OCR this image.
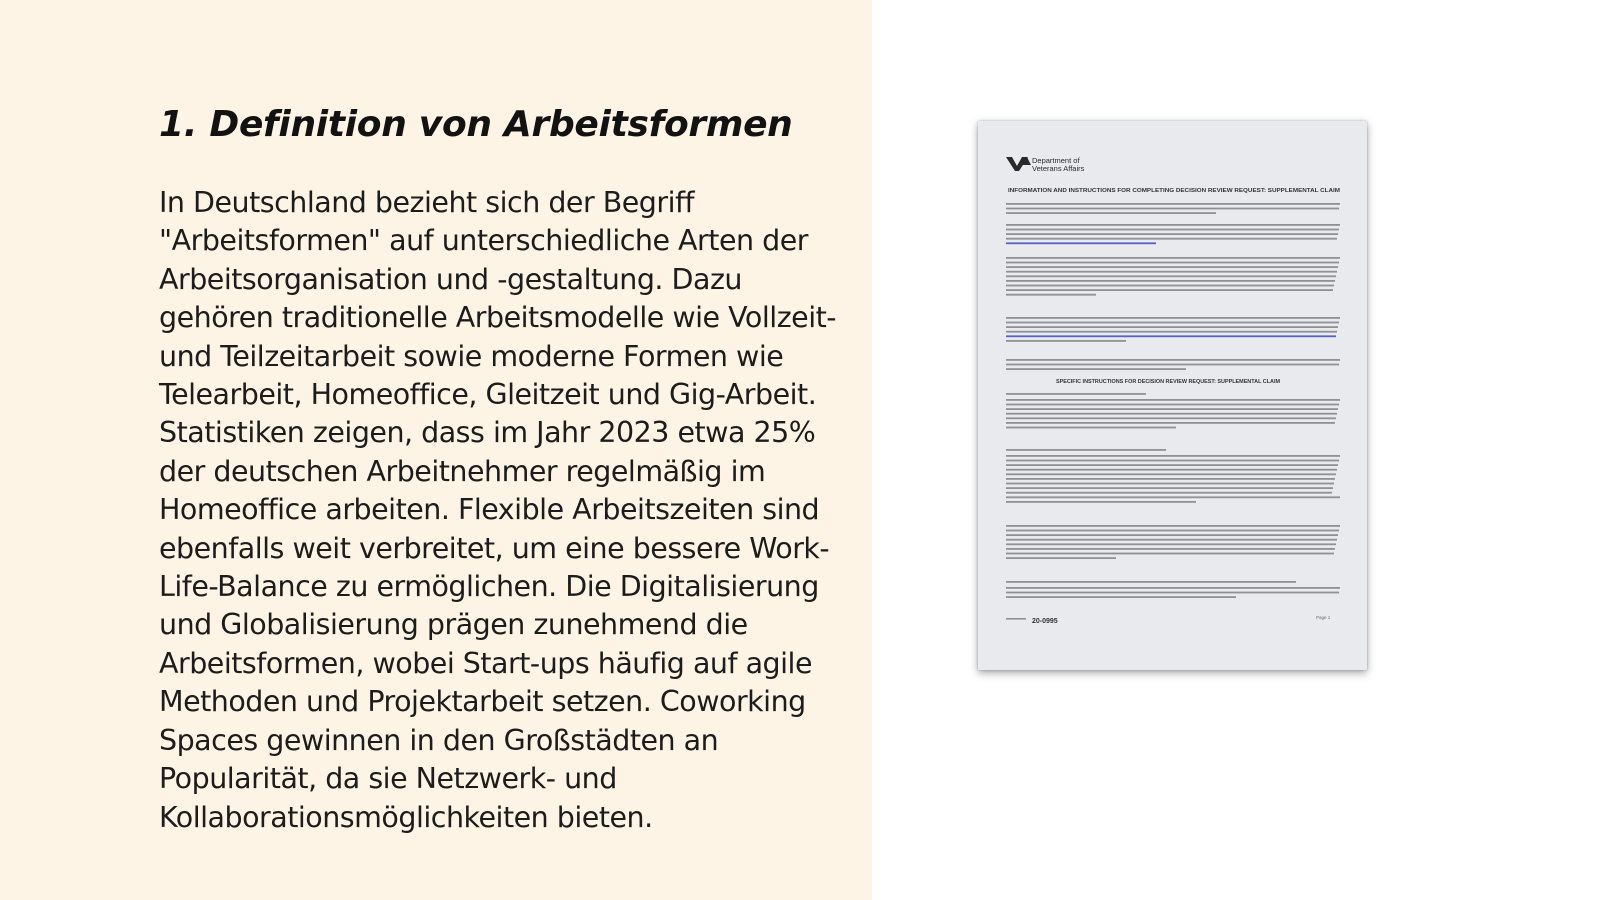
1. Definition von Arbeitsformen

In Deutschland bezieht sich der Begriff "Arbeitsformen" auf unterschiedliche Arten der Arbeitsorganisation und -gestaltung. Dazu gehören traditionelle Arbeitsmodelle wie Vollzeit- und Teilzeitarbeit sowie moderne Formen wie Telearbeit, Homeoffice, Gleitzeit und Gig-Arbeit. Statistiken zeigen, dass im Jahr 2023 etwa 25% der deutschen Arbeitnehmer regelmäßig im Homeoffice arbeiten. Flexible Arbeitszeiten sind ebenfalls weit verbreitet, um eine bessere Work-Life-Balance zu ermöglichen. Die Digitalisierung und Globalisierung prägen zunehmend die Arbeitsformen, wobei Start-ups häufig auf agile Methoden und Projektarbeit setzen. Coworking Spaces gewinnen in den Großstädten an Popularität, da sie Netzwerk- und Kollaborationsmöglichkeiten bieten.

Department of
Veterans Affairs
INFORMATION AND INSTRUCTIONS FOR COMPLETING DECISION REVIEW REQUEST: SUPPLEMENTAL CLAIM
SPECIFIC INSTRUCTIONS FOR DECISION REVIEW REQUEST: SUPPLEMENTAL CLAIM
20-0995
Page 1
